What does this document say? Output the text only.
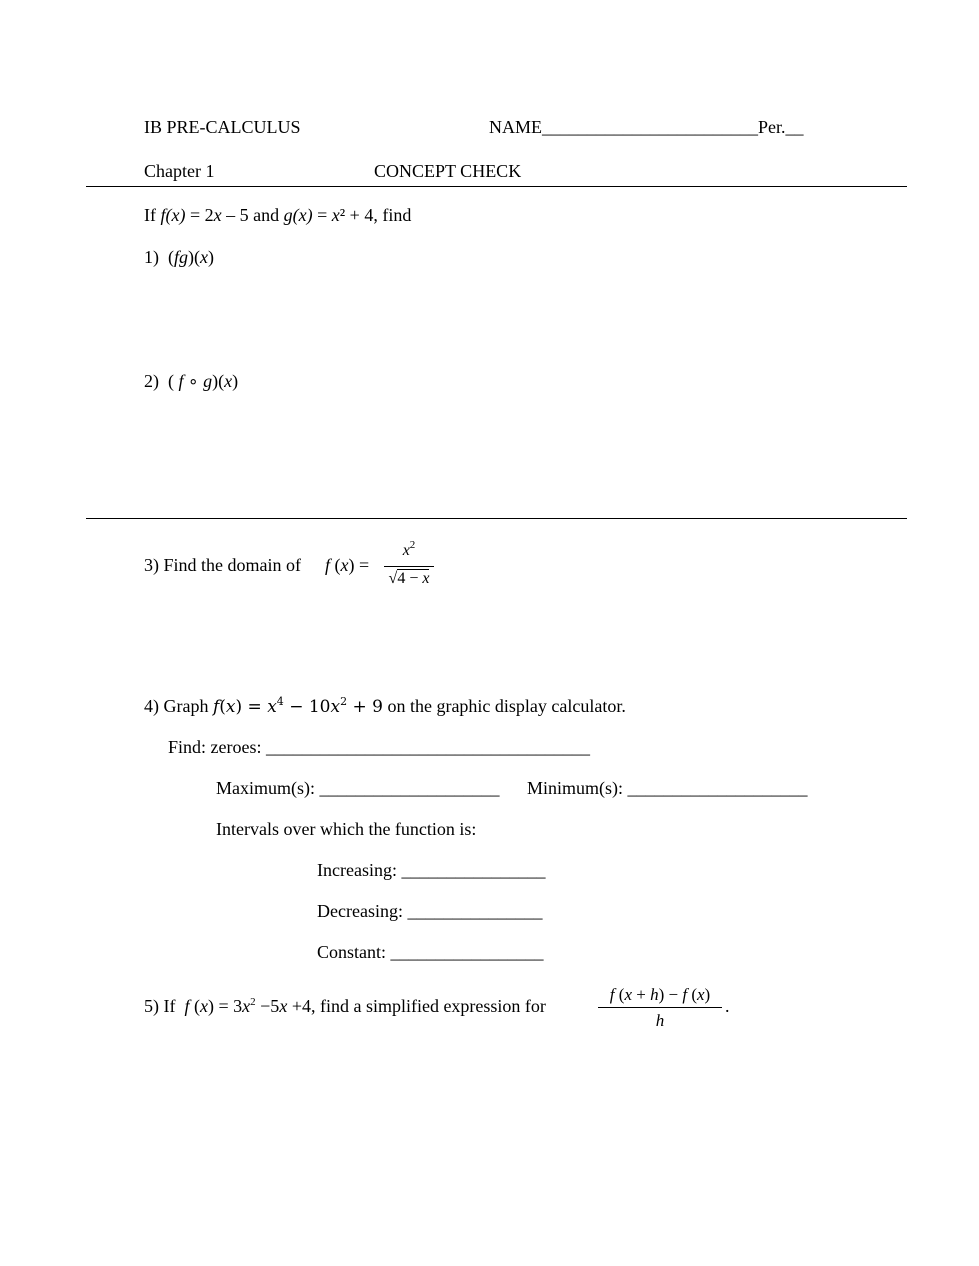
IB PRE-CALCULUS	NAME________________________Per.__
Chapter 1	CONCEPT CHECK
If f(x) = 2x – 5 and g(x) = x² + 4, find
1) (fg)(x)
2) ( f ∘ g)(x)
3) Find the domain of f (x) =
$x^2$
√4 − x
4) Graph $f(x) = x^4 - 10x^2 + 9$ on the graphic display calculator.
Find: zeroes: ____________________________________
Maximum(s): ____________________ Minimum(s): ____________________
Intervals over which the function is:
Increasing: ________________
Decreasing: _______________
Constant: _________________
5) If f $(x) = 3x^2 -5x +4$, find a simplified expression for
f (x + h) − f (x)
h
.
